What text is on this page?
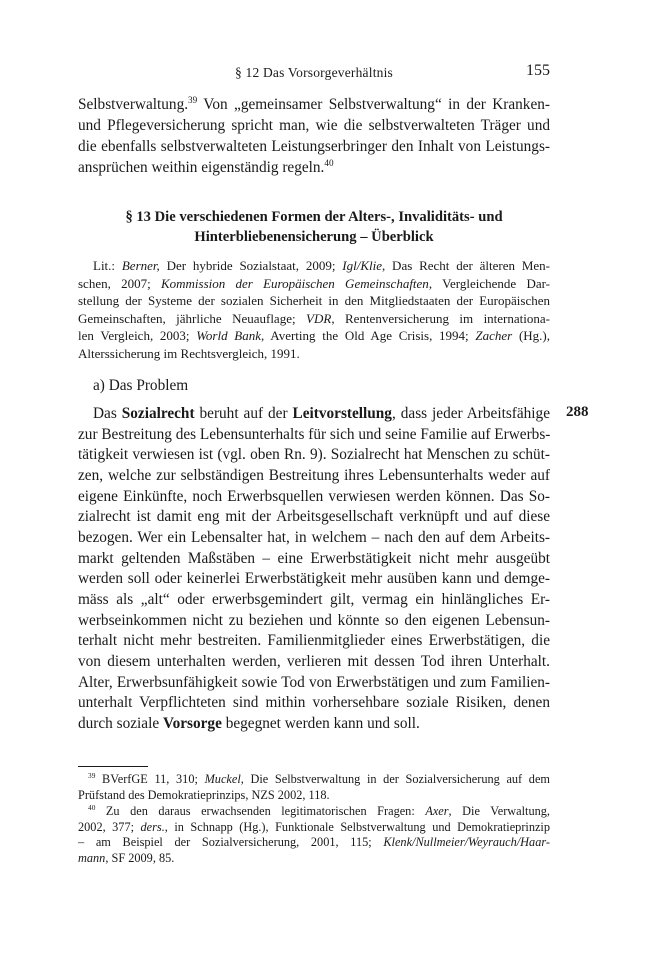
§ 12 Das Vorsorgeverhältnis	155
Selbstverwaltung.$^{39}$ Von „gemeinsamer Selbstverwaltung“ in der Kranken-
und Pflegeversicherung spricht man, wie die selbstverwalteten Träger und
die ebenfalls selbstverwalteten Leistungserbringer den Inhalt von Leistungs-
ansprüchen weithin eigenständig regeln.$^{40}$
§ 13 Die verschiedenen Formen der Alters-, Invaliditäts- und
Hinterbliebenensicherung – Überblick
Lit.: Berner, Der hybride Sozialstaat, 2009; Igl/Klie, Das Recht der älteren Men-
schen, 2007; Kommission der Europäischen Gemeinschaften, Vergleichende Dar-
stellung der Systeme der sozialen Sicherheit in den Mitgliedstaaten der Europäischen
Gemeinschaften, jährliche Neuauflage; VDR, Rentenversicherung im internationa-
len Vergleich, 2003; World Bank, Averting the Old Age Crisis, 1994; Zacher (Hg.),
Alterssicherung im Rechtsvergleich, 1991.
a) Das Problem
288
Das Sozialrecht beruht auf der Leitvorstellung, dass jeder Arbeitsfähige
zur Bestreitung des Lebensunterhalts für sich und seine Familie auf Erwerbs-
tätigkeit verwiesen ist (vgl. oben Rn. 9). Sozialrecht hat Menschen zu schüt-
zen, welche zur selbständigen Bestreitung ihres Lebensunterhalts weder auf
eigene Einkünfte, noch Erwerbsquellen verwiesen werden können. Das So-
zialrecht ist damit eng mit der Arbeitsgesellschaft verknüpft und auf diese
bezogen. Wer ein Lebensalter hat, in welchem – nach den auf dem Arbeits-
markt geltenden Maßstäben – eine Erwerbstätigkeit nicht mehr ausgeübt
werden soll oder keinerlei Erwerbstätigkeit mehr ausüben kann und demge-
mäss als „alt“ oder erwerbsgemindert gilt, vermag ein hinlängliches Er-
werbseinkommen nicht zu beziehen und könnte so den eigenen Lebensun-
terhalt nicht mehr bestreiten. Familienmitglieder eines Erwerbstätigen, die
von diesem unterhalten werden, verlieren mit dessen Tod ihren Unterhalt.
Alter, Erwerbsunfähigkeit sowie Tod von Erwerbstätigen und zum Familien-
unterhalt Verpflichteten sind mithin vorhersehbare soziale Risiken, denen
durch soziale Vorsorge begegnet werden kann und soll.
$^{39}$ BVerfGE 11, 310; Muckel, Die Selbstverwaltung in der Sozialversicherung auf dem
Prüfstand des Demokratieprinzips, NZS 2002, 118.
$^{40}$ Zu den daraus erwachsenden legitimatorischen Fragen: Axer, Die Verwaltung,
2002, 377; ders., in Schnapp (Hg.), Funktionale Selbstverwaltung und Demokratieprinzip
– am Beispiel der Sozialversicherung, 2001, 115; Klenk/Nullmeier/Weyrauch/Haar-
mann, SF 2009, 85.
